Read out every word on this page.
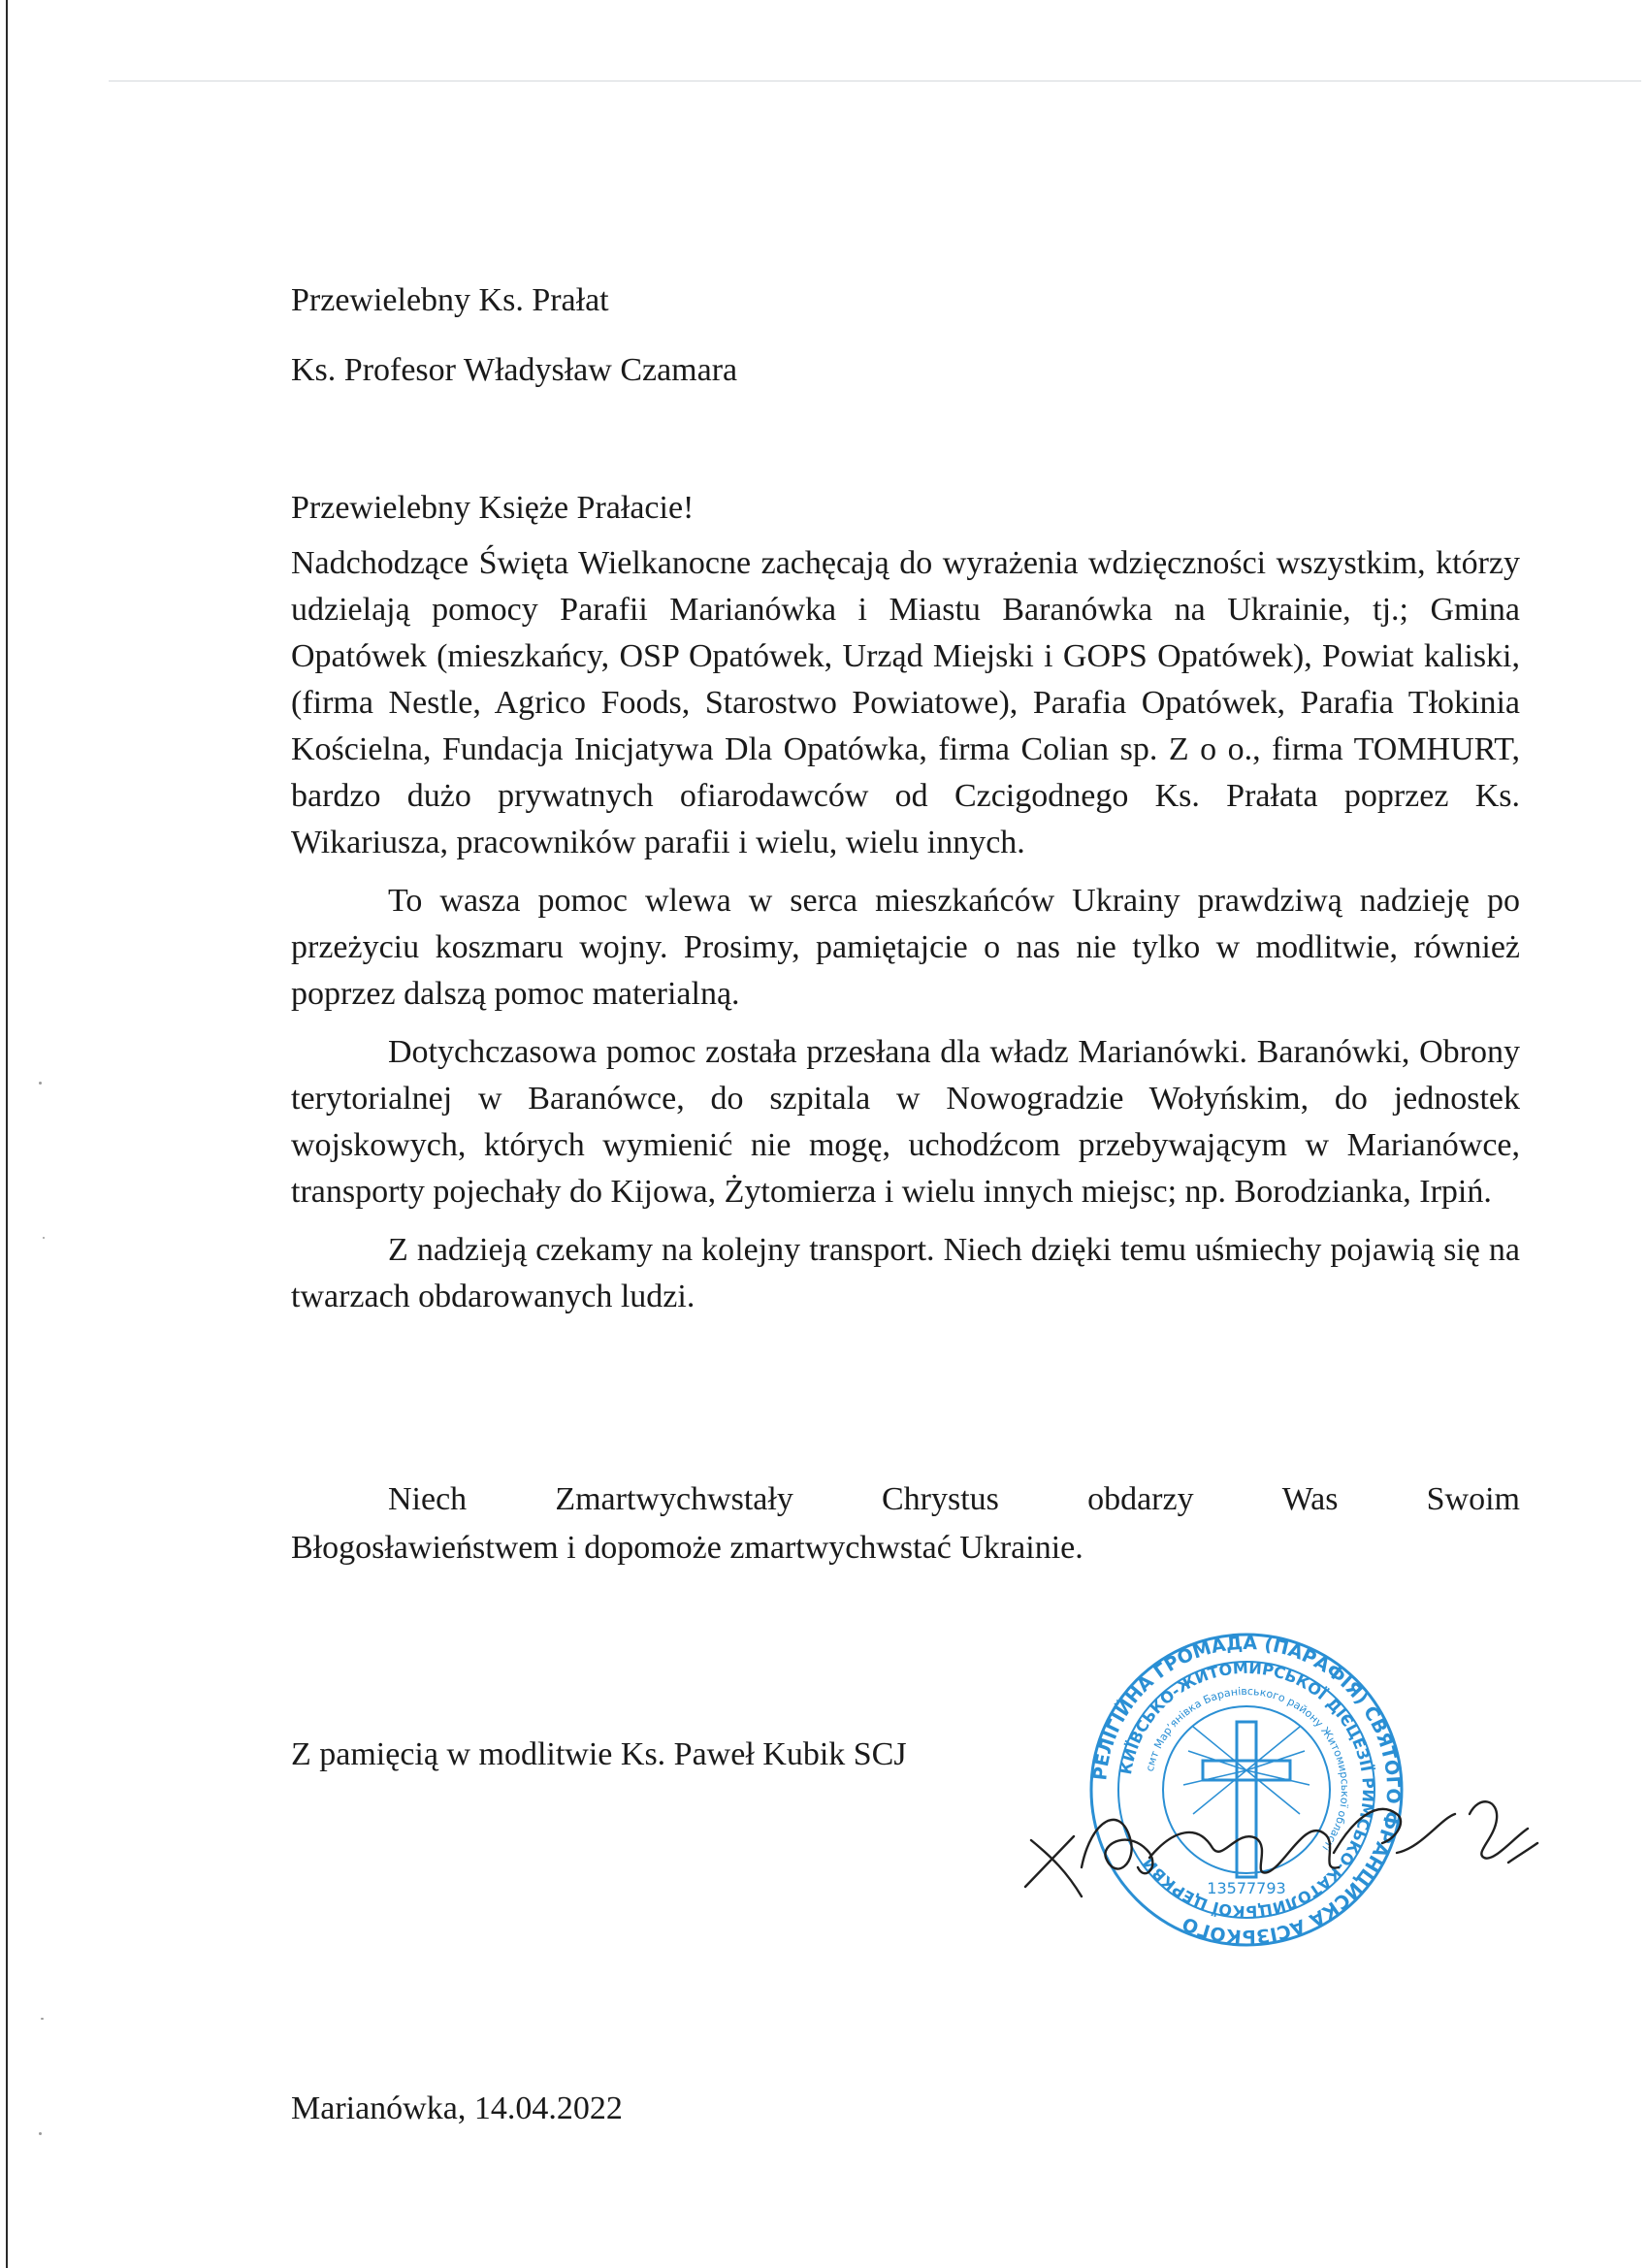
Przewielebny Ks. Prałat
Ks. Profesor Władysław Czamara
Przewielebny Księże Prałacie!

Nadchodzące Święta Wielkanocne zachęcają do wyrażenia wdzięczności wszystkim, którzy udzielają pomocy Parafii Marianówka i Miastu Baranówka na Ukrainie, tj.; Gmina Opatówek (mieszkańcy, OSP Opatówek, Urząd Miejski i GOPS Opatówek), Powiat kaliski, (firma Nestle, Agrico Foods, Starostwo Powiatowe), Parafia Opatówek, Parafia Tłokinia Kościelna, Fundacja Inicjatywa Dla Opatówka, firma Colian sp. Z o o., firma TOMHURT, bardzo dużo prywatnych ofiarodawców od Czcigodnego Ks. Prałata poprzez Ks. Wikariusza, pracowników parafii i wielu, wielu innych.

To wasza pomoc wlewa w serca mieszkańców Ukrainy prawdziwą nadzieję po przeżyciu koszmaru wojny. Prosimy, pamiętajcie o nas nie tylko w modlitwie, również poprzez dalszą pomoc materialną.

Dotychczasowa pomoc została przesłana dla władz Marianówki. Baranówki, Obrony terytorialnej w Baranówce, do szpitala w Nowogradzie Wołyńskim, do jednostek wojskowych, których wymienić nie mogę, uchodźcom przebywającym w Marianówce, transporty pojechały do Kijowa, Żytomierza i wielu innych miejsc; np. Borodzianka, Irpiń.

Z nadzieją czekamy na kolejny transport. Niech dzięki temu uśmiechy pojawią się na twarzach obdarowanych ludzi.

Niech	Zmartwychwstały	Chrystus	obdarzy	Was	Swoim
Błogosławieństwem i dopomoże zmartwychwstać Ukrainie.
Z pamięcią w modlitwie Ks. Paweł Kubik SCJ
РЕЛІГІЙНА ГРОМАДА (ПАРАФІЯ) СВЯТОГО ФРАНЦИСКА АСІЗЬКОГО
КИЇВСЬКО-ЖИТОМИРСЬКОЇ ДІЄЦЕЗІЇ РИМСЬКО-КАТОЛИЦЬКОЇ ЦЕРКВИ
смт Марʼянівка Баранівського району Житомирської області
13577793
Marianówka, 14.04.2022
